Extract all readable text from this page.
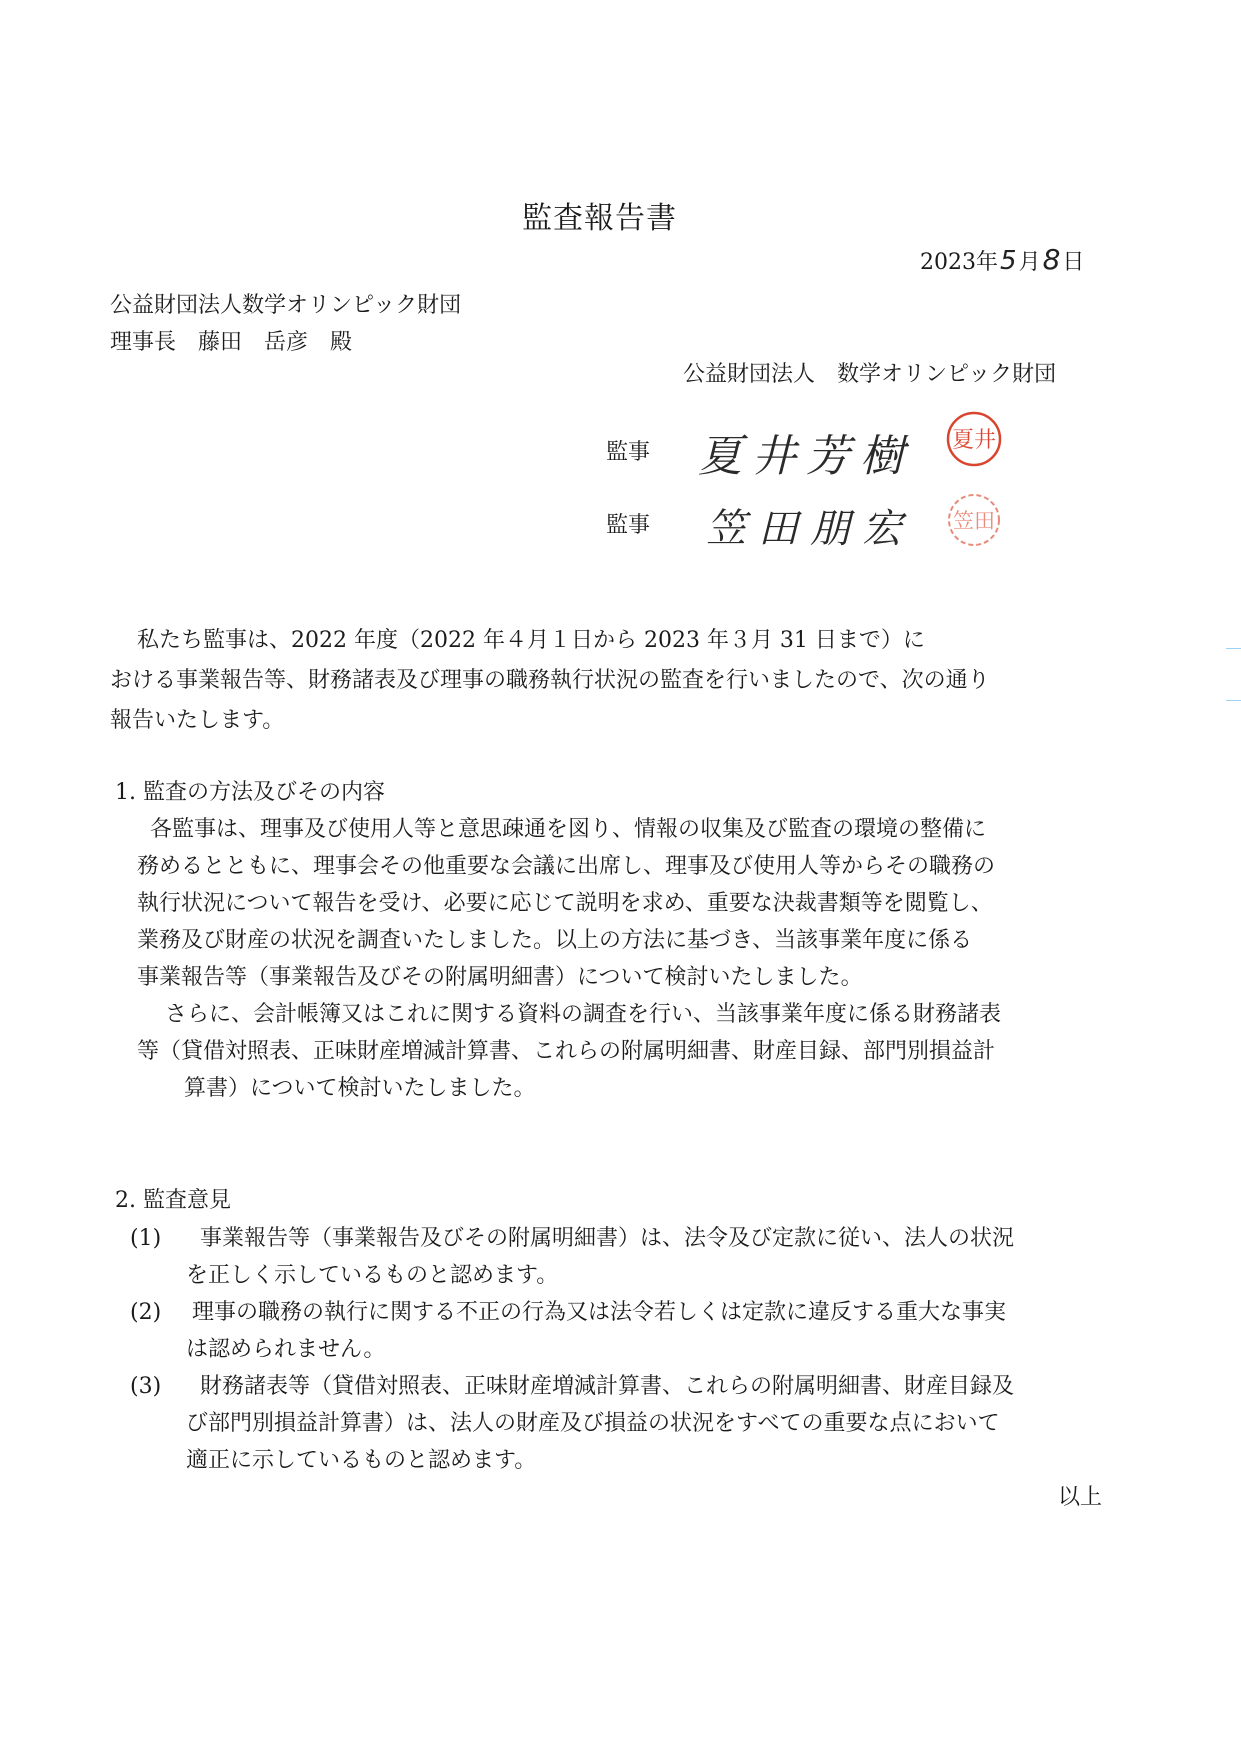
監査報告書
2023年5月8日
公益財団法人数学オリンピック財団
理事長　藤田　岳彦　殿
公益財団法人　数学オリンピック財団
監事 夏井芳樹 夏井
監事 笠田朋宏 笠田
私たち監事は、2022 年度（2022 年４月１日から 2023 年３月 31 日まで）に
おける事業報告等、財務諸表及び理事の職務執行状況の監査を行いましたので、次の通り
報告いたします。
1. 監査の方法及びその内容
各監事は、理事及び使用人等と意思疎通を図り、情報の収集及び監査の環境の整備に
務めるとともに、理事会その他重要な会議に出席し、理事及び使用人等からその職務の
執行状況について報告を受け、必要に応じて説明を求め、重要な決裁書類等を閲覧し、
業務及び財産の状況を調査いたしました。以上の方法に基づき、当該事業年度に係る
事業報告等（事業報告及びその附属明細書）について検討いたしました。
さらに、会計帳簿又はこれに関する資料の調査を行い、当該事業年度に係る財務諸表
等（貸借対照表、正味財産増減計算書、これらの附属明細書、財産目録、部門別損益計
算書）について検討いたしました。
2. 監査意見
(1) 事業報告等（事業報告及びその附属明細書）は、法令及び定款に従い、法人の状況
を正しく示しているものと認めます。
(2) 理事の職務の執行に関する不正の行為又は法令若しくは定款に違反する重大な事実
は認められません。
(3) 財務諸表等（貸借対照表、正味財産増減計算書、これらの附属明細書、財産目録及
び部門別損益計算書）は、法人の財産及び損益の状況をすべての重要な点において
適正に示しているものと認めます。
以上
